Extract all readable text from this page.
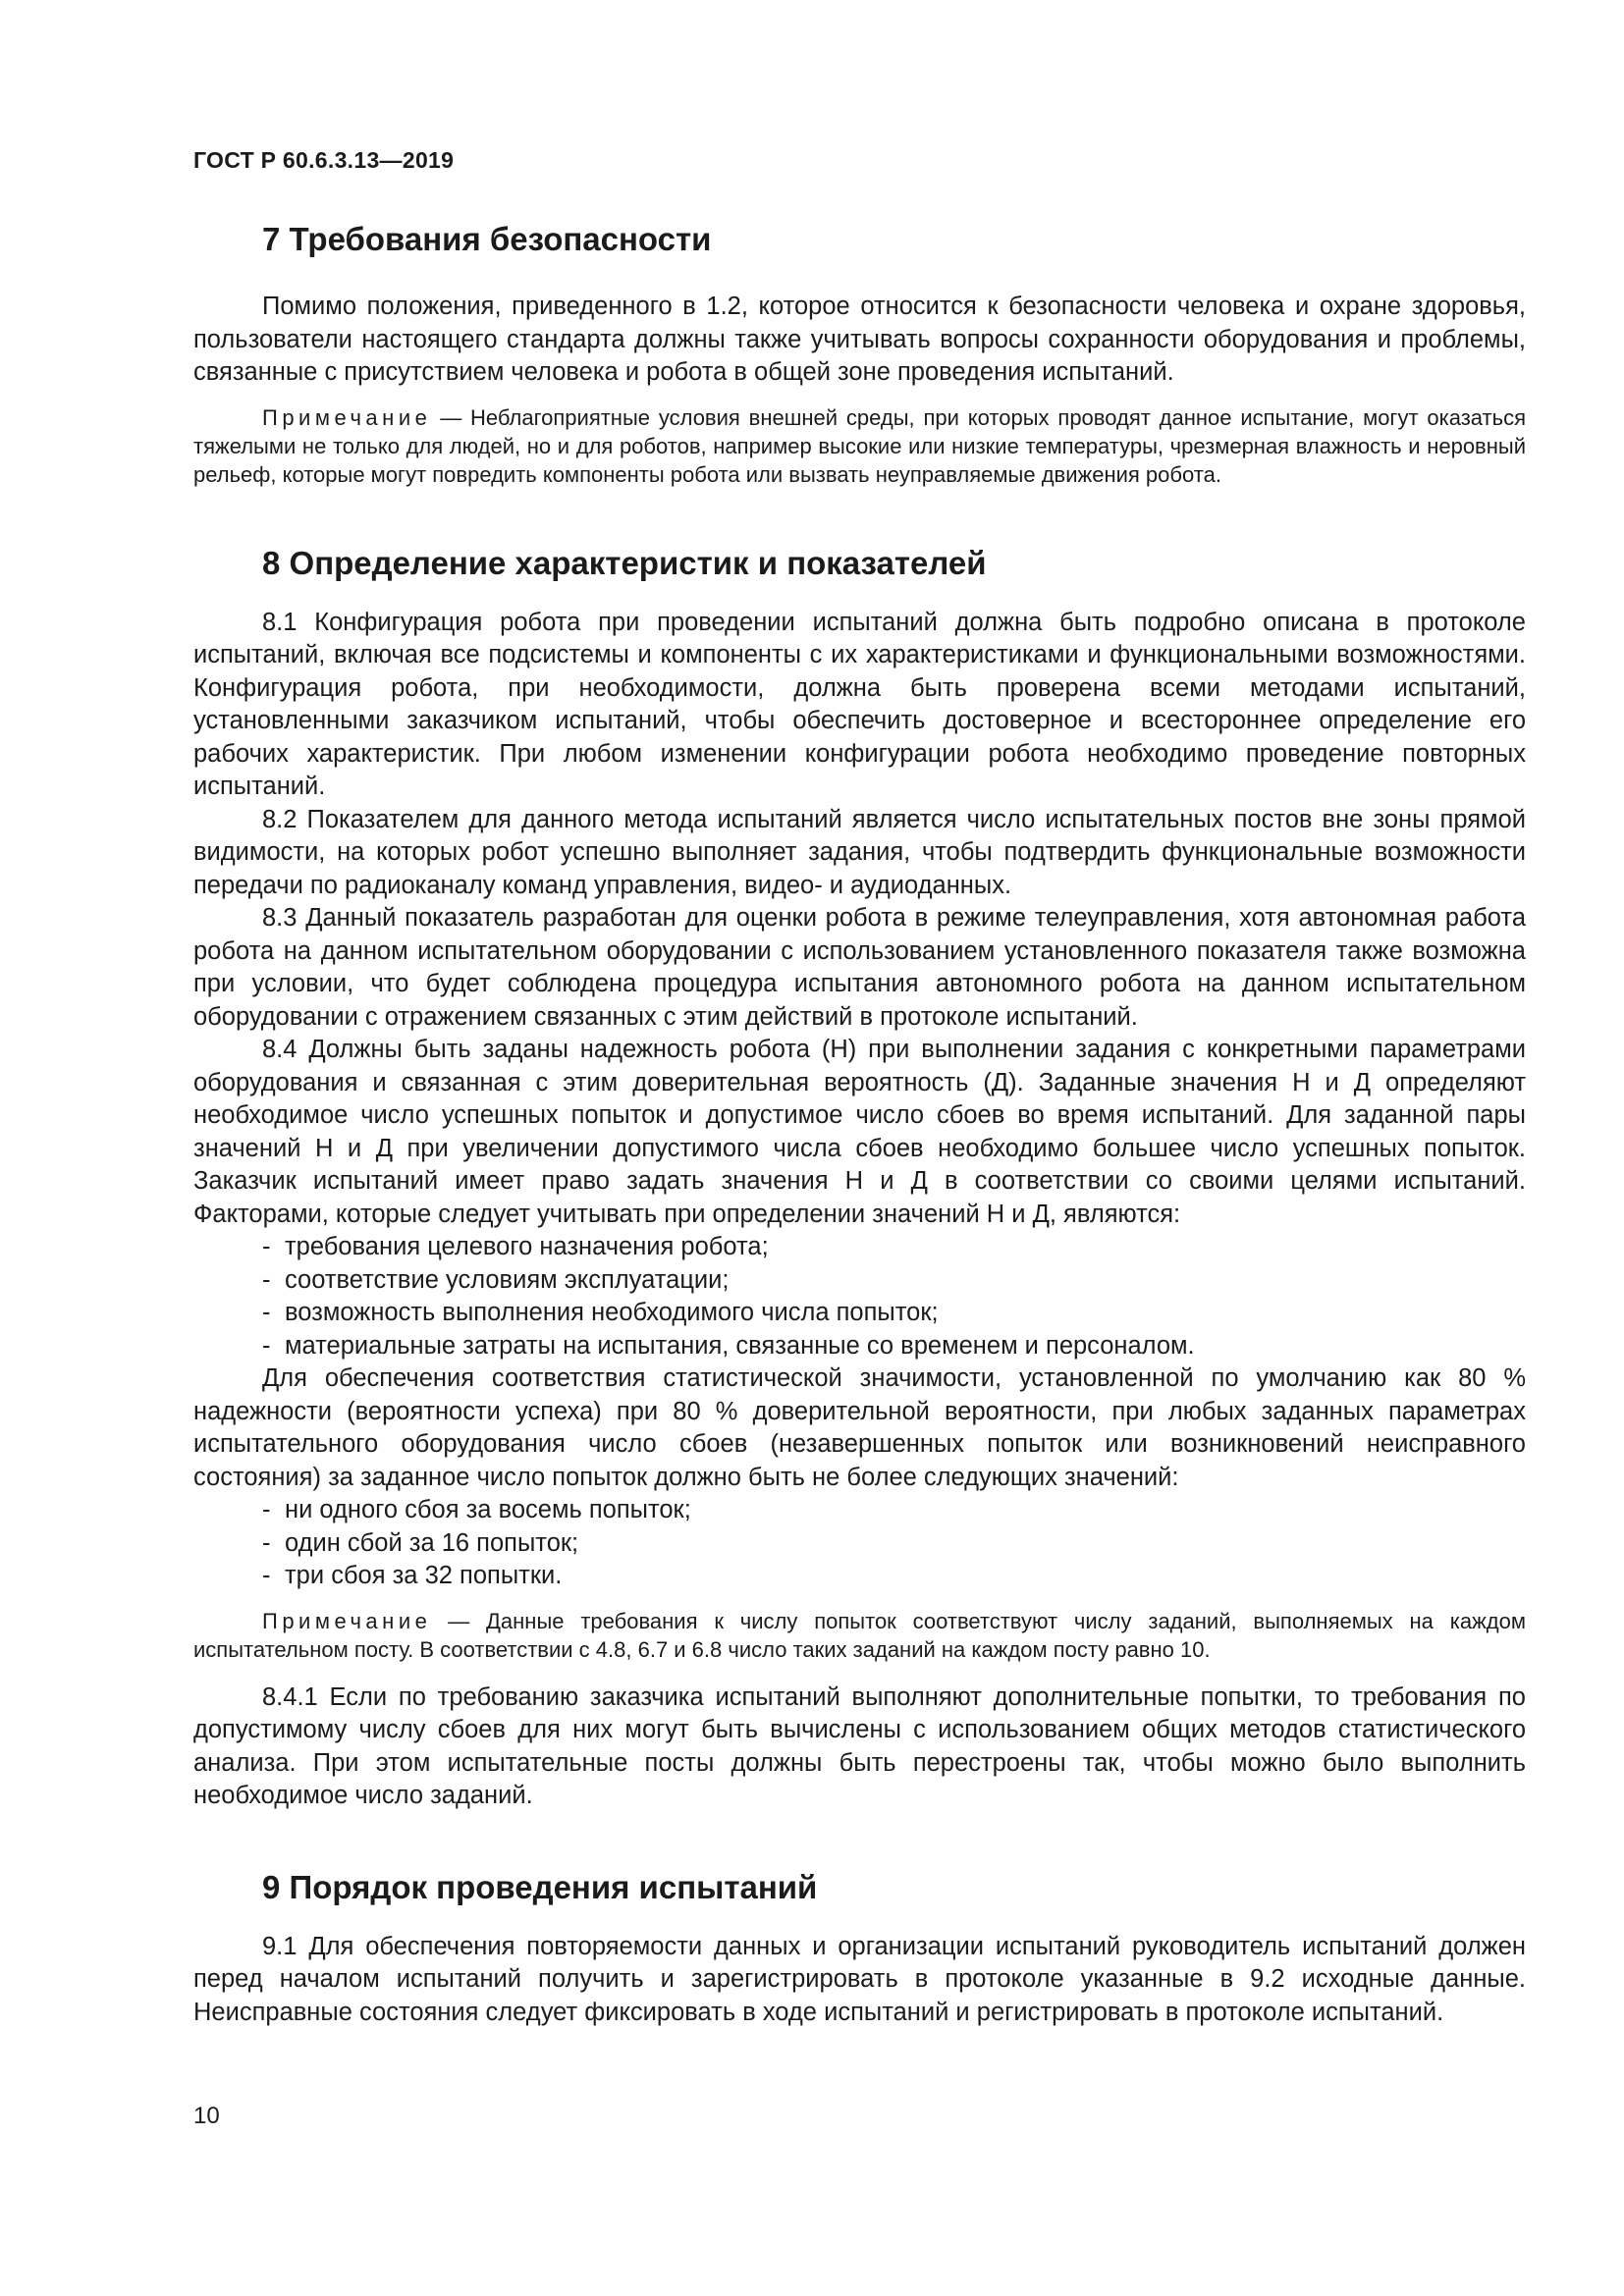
ГОСТ Р 60.6.3.13—2019
7 Требования безопасности

Помимо положения, приведенного в 1.2, которое относится к безопасности человека и охране здоровья, пользователи настоящего стандарта должны также учитывать вопросы сохранности оборудования и проблемы, связанные с присутствием человека и робота в общей зоне проведения испытаний.

Примечание — Неблагоприятные условия внешней среды, при которых проводят данное испытание, могут оказаться тяжелыми не только для людей, но и для роботов, например высокие или низкие температуры, чрезмерная влажность и неровный рельеф, которые могут повредить компоненты робота или вызвать неуправляемые движения робота.

8 Определение характеристик и показателей

8.1 Конфигурация робота при проведении испытаний должна быть подробно описана в протоколе испытаний, включая все подсистемы и компоненты с их характеристиками и функциональными возможностями. Конфигурация робота, при необходимости, должна быть проверена всеми методами испытаний, установленными заказчиком испытаний, чтобы обеспечить достоверное и всестороннее определение его рабочих характеристик. При любом изменении конфигурации робота необходимо проведение повторных испытаний.

8.2 Показателем для данного метода испытаний является число испытательных постов вне зоны прямой видимости, на которых робот успешно выполняет задания, чтобы подтвердить функциональные возможности передачи по радиоканалу команд управления, видео- и аудиоданных.

8.3 Данный показатель разработан для оценки робота в режиме телеуправления, хотя автономная работа робота на данном испытательном оборудовании с использованием установленного показателя также возможна при условии, что будет соблюдена процедура испытания автономного робота на данном испытательном оборудовании с отражением связанных с этим действий в протоколе испытаний.

8.4 Должны быть заданы надежность робота (Н) при выполнении задания с конкретными параметрами оборудования и связанная с этим доверительная вероятность (Д). Заданные значения Н и Д определяют необходимое число успешных попыток и допустимое число сбоев во время испытаний. Для заданной пары значений Н и Д при увеличении допустимого числа сбоев необходимо большее число успешных попыток. Заказчик испытаний имеет право задать значения Н и Д в соответствии со своими целями испытаний. Факторами, которые следует учитывать при определении значений Н и Д, являются:

- требования целевого назначения робота;
- соответствие условиям эксплуатации;
- возможность выполнения необходимого числа попыток;
- материальные затраты на испытания, связанные со временем и персоналом.

Для обеспечения соответствия статистической значимости, установленной по умолчанию как 80 % надежности (вероятности успеха) при 80 % доверительной вероятности, при любых заданных параметрах испытательного оборудования число сбоев (незавершенных попыток или возникновений неисправного состояния) за заданное число попыток должно быть не более следующих значений:

- ни одного сбоя за восемь попыток;
- один сбой за 16 попыток;
- три сбоя за 32 попытки.

Примечание — Данные требования к числу попыток соответствуют числу заданий, выполняемых на каждом испытательном посту. В соответствии с 4.8, 6.7 и 6.8 число таких заданий на каждом посту равно 10.

8.4.1 Если по требованию заказчика испытаний выполняют дополнительные попытки, то требования по допустимому числу сбоев для них могут быть вычислены с использованием общих методов статистического анализа. При этом испытательные посты должны быть перестроены так, чтобы можно было выполнить необходимое число заданий.

9 Порядок проведения испытаний

9.1 Для обеспечения повторяемости данных и организации испытаний руководитель испытаний должен перед началом испытаний получить и зарегистрировать в протоколе указанные в 9.2 исходные данные. Неисправные состояния следует фиксировать в ходе испытаний и регистрировать в протоколе испытаний.

10
